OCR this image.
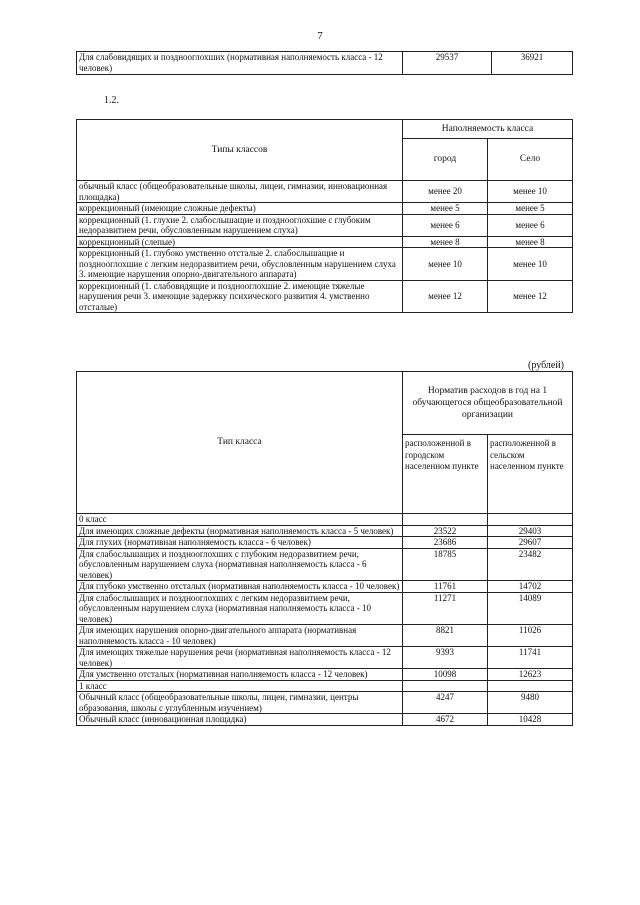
7
Для слабовидящих и позднооглохших (нормативная наполняемость класса - 12 человек)	29537	36921
1.2.
Типы классов	Наполняемость класса	
	город	Село
обычный класс (общеобразовательные школы, лицеи, гимназии, инновационная площадка)	менее 20	менее 10
коррекционный (имеющие сложные дефекты)	менее 5	менее 5
коррекционный (1. глухие 2. слабослышащие и позднооглохшие с глубоким недоразвитием речи, обусловленным нарушением слуха)	менее 6	менее 6
коррекционный (слепые)	менее 8	менее 8
коррекционный (1. глубоко умственно отсталые 2. слабослышащие и позднооглохшие с легким недоразвитием речи, обусловленным нарушением слуха 3. имеющие нарушения опорно-двигательного аппарата)	менее 10	менее 10
коррекционный (1. слабовидящие и позднооглохшие 2. имеющие тяжелые нарушения речи 3. имеющие задержку психического развития 4. умственно отсталые)	менее 12	менее 12
(рублей)
Тип класса	Норматив расходов в год на 1 обучающегося общеобразовательной организации	
	расположенной в городском населенном пункте	расположенной в сельском населенном пункте
0 класс		
Для имеющих сложные дефекты (нормативная наполняемость класса - 5 человек)	23522	29403
Для глухих (нормативная наполняемость класса - 6 человек)	23686	29607
Для слабослышащих и позднооглохших с глубоким недоразвитием речи, обусловленным нарушением слуха (нормативная наполняемость класса - 6 человек)	18785	23482
Для глубоко умственно отсталых (нормативная наполняемость класса - 10 человек)	11761	14702
Для слабослышащих и позднооглохших с легким недоразвитием речи, обусловленным нарушением слуха (нормативная наполняемость класса - 10 человек)	11271	14089
Для имеющих нарушения опорно-двигательного аппарата (нормативная наполняемость класса - 10 человек)	8821	11026
Для имеющих тяжелые нарушения речи (нормативная наполняемость класса - 12 человек)	9393	11741
Для умственно отсталых (нормативная наполняемость класса - 12 человек)	10098	12623
1 класс		
Обычный класс (общеобразовательные школы, лицеи, гимназии, центры образования, школы с углубленным изучением)	4247	9480
Обычный класс (инновационная площадка)	4672	10428
